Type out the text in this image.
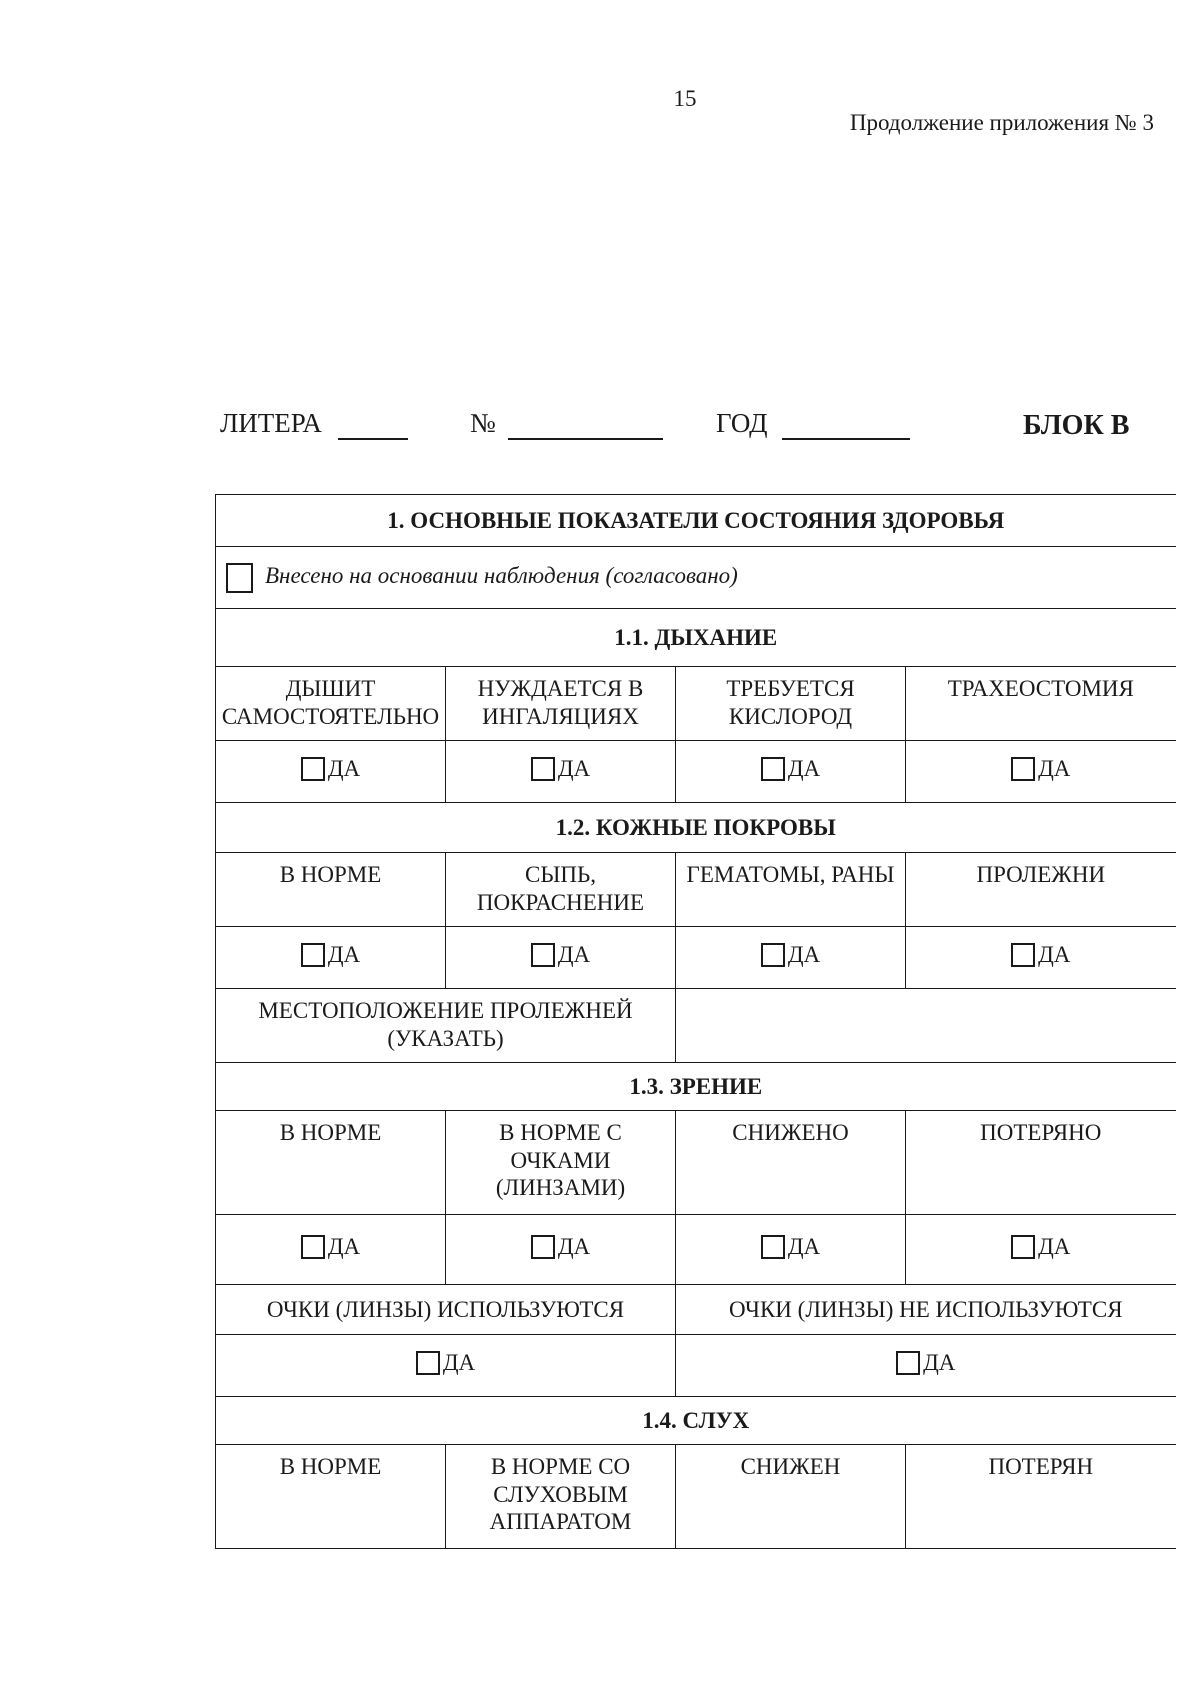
15
Продолжение приложения № 3
ЛИТЕРА	№	ГОД	БЛОК В
1. ОСНОВНЫЕ ПОКАЗАТЕЛИ СОСТОЯНИЯ ЗДОРОВЬЯ			
Внесено на основании наблюдения (согласовано)			
1.1. ДЫХАНИЕ			
ДЫШИТ САМОСТОЯТЕЛЬНО	НУЖДАЕТСЯ В ИНГАЛЯЦИЯХ	ТРЕБУЕТСЯ КИСЛОРОД	ТРАХЕОСТОМИЯ

ДА	ДА	ДА	ДА

1.2. КОЖНЫЕ ПОКРОВЫ			
В НОРМЕ	СЫПЬ, ПОКРАСНЕНИЕ	ГЕМАТОМЫ, РАНЫ	ПРОЛЕЖНИ

ДА	ДА	ДА	ДА

МЕСТОПОЛОЖЕНИЕ ПРОЛЕЖНЕЙ (УКАЗАТЬ)			
1.3. ЗРЕНИЕ			
В НОРМЕ	В НОРМЕ С ОЧКАМИ (ЛИНЗАМИ)	СНИЖЕНО	ПОТЕРЯНО

ДА	ДА	ДА	ДА

ОЧКИ (ЛИНЗЫ) ИСПОЛЬЗУЮТСЯ		ОЧКИ (ЛИНЗЫ) НЕ ИСПОЛЬЗУЮТСЯ	

ДА		ДА	

1.4. СЛУХ			
В НОРМЕ	В НОРМЕ СО СЛУХОВЫМ АППАРАТОМ	СНИЖЕН	ПОТЕРЯН
